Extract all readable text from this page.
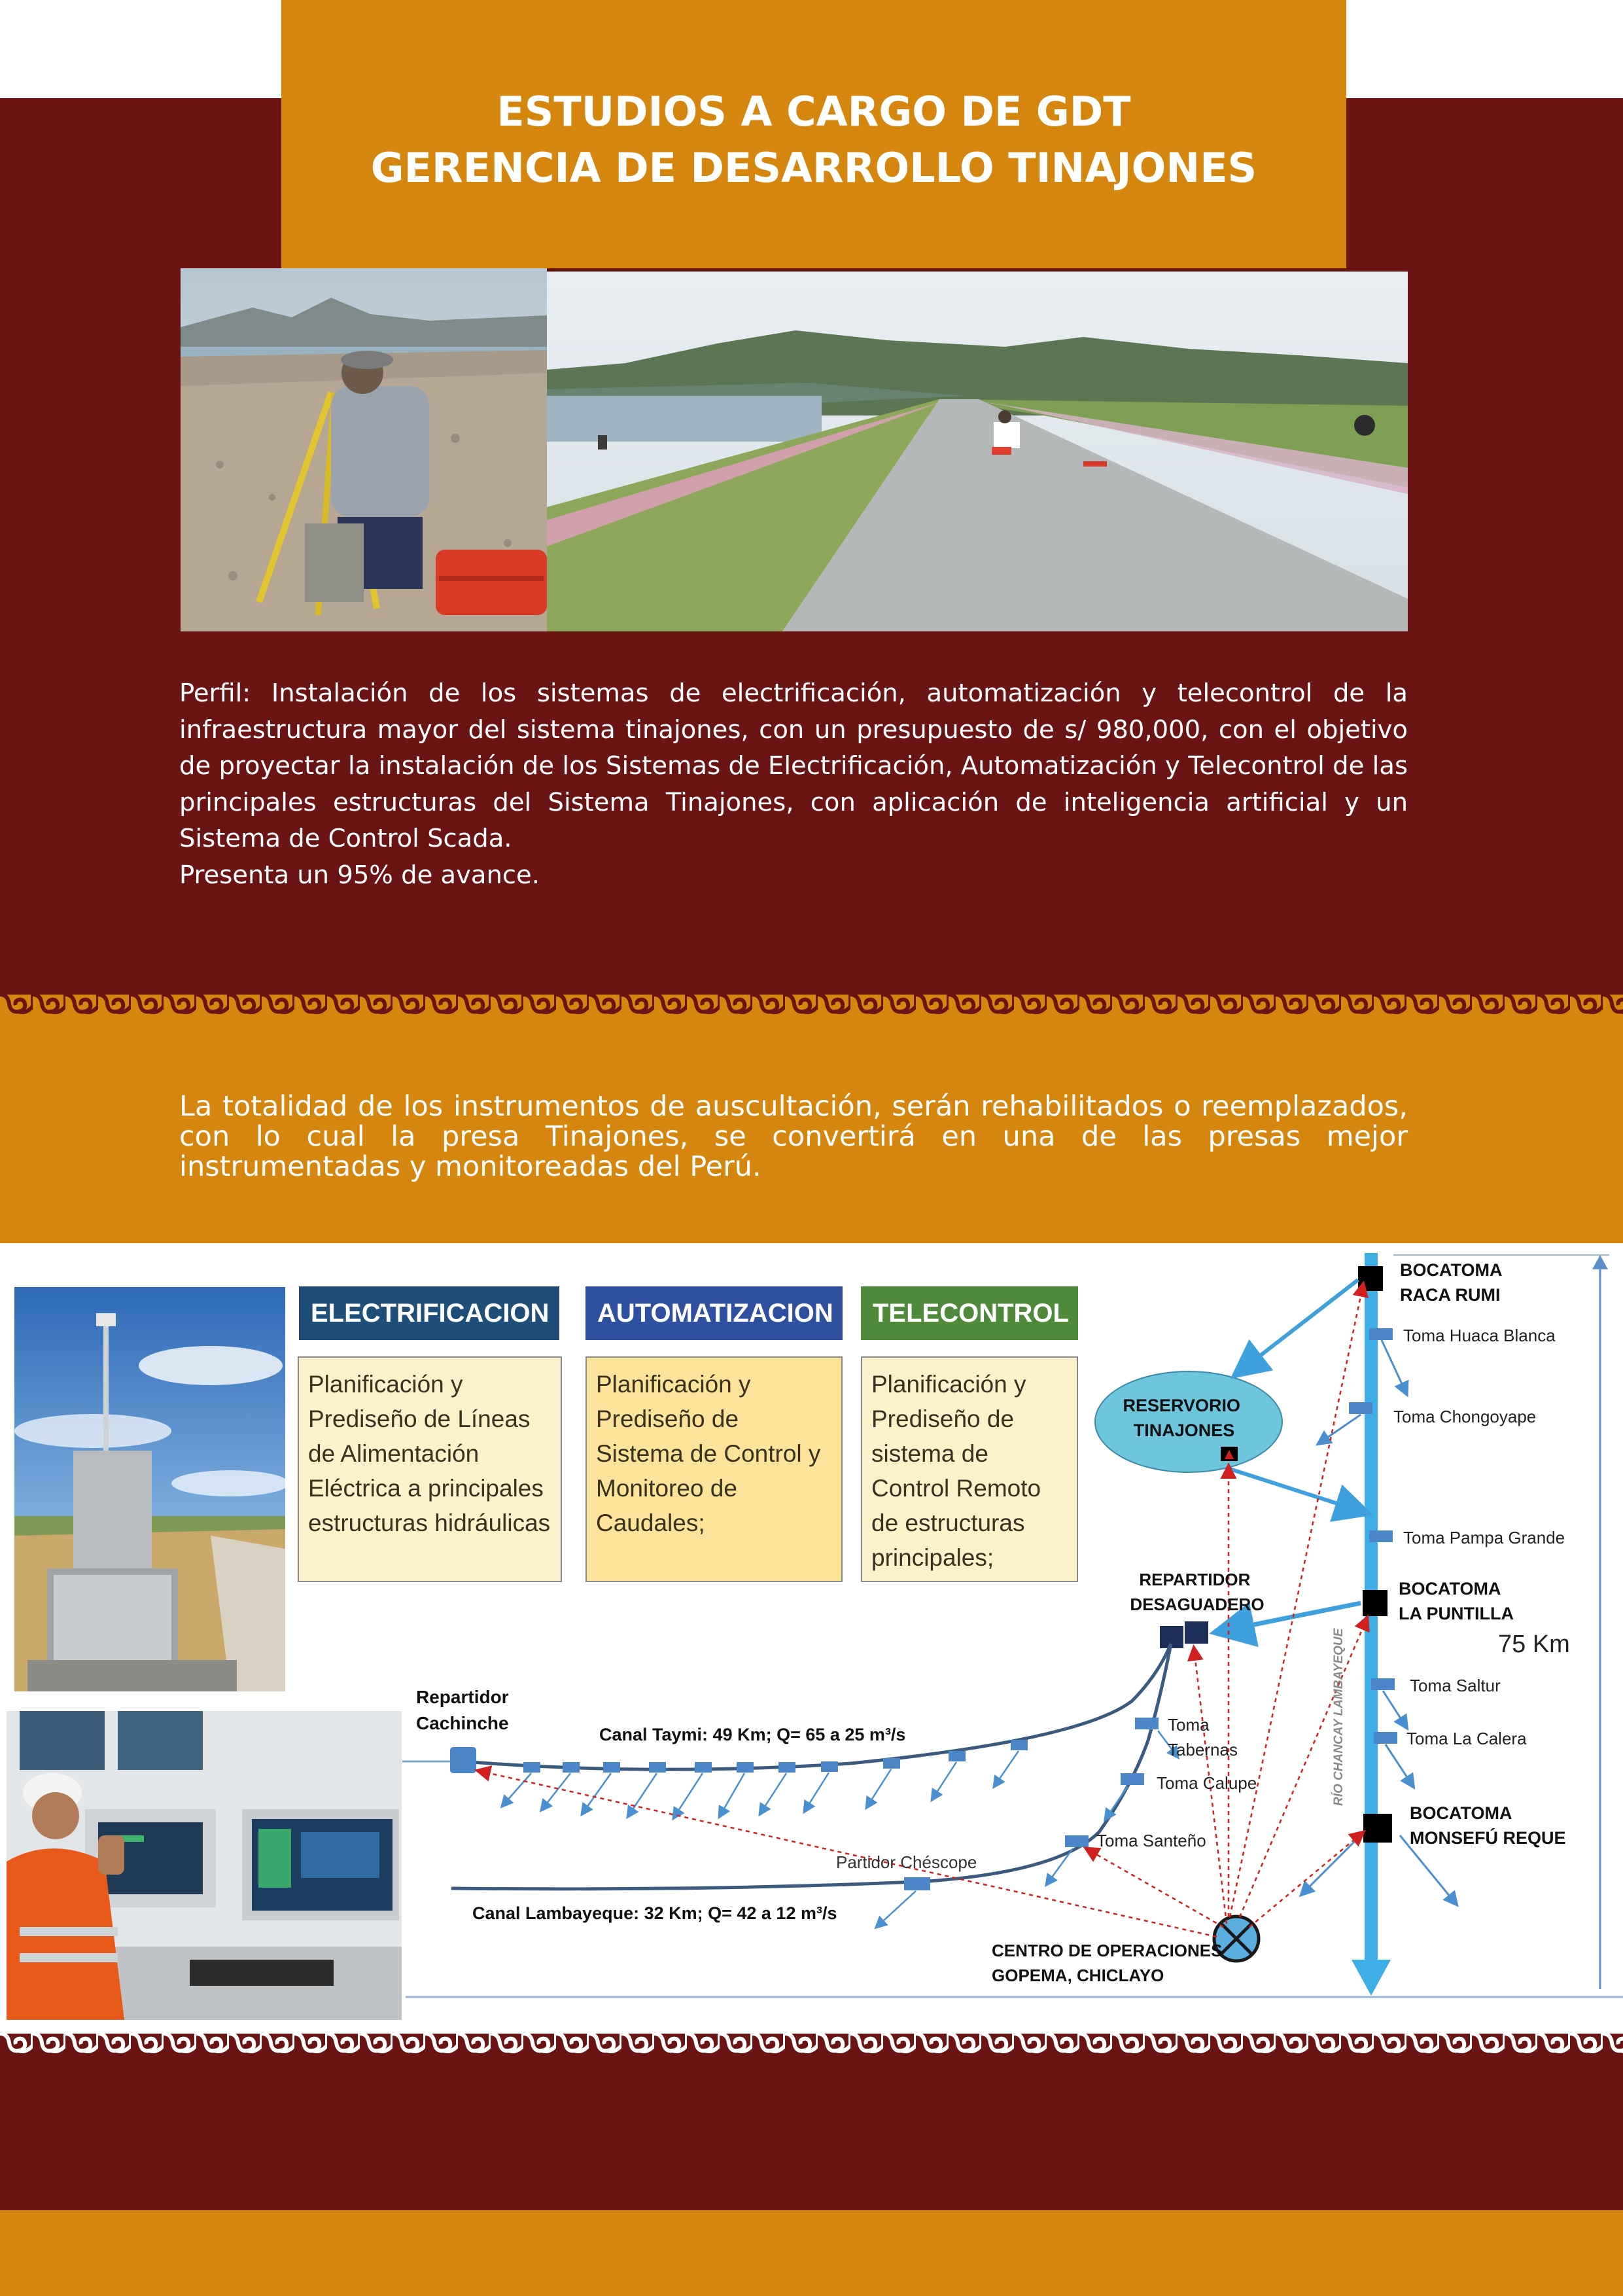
ESTUDIOS A CARGO DE GDT
GERENCIA DE DESARROLLO TINAJONES

Perfil: Instalación de los sistemas de electrificación, automatización y telecontrol de la infraestructura mayor del sistema tinajones, con un presupuesto de s/ 980,000, con el objetivo de proyectar la instalación de los Sistemas de Electrificación, Automatización y Telecontrol de las principales estructuras del Sistema Tinajones, con aplicación de inteligencia artificial y un Sistema de Control Scada.

Presenta un 95% de avance.

La totalidad de los instrumentos de auscultación, serán rehabilitados o reemplazados, con lo cual la presa Tinajones, se convertirá en una de las presas mejor instrumentadas y monitoreadas del Perú.
ELECTRIFICACION	AUTOMATIZACION	TELECONTROL
Planificación y Prediseño de Líneas de Alimentación Eléctrica a principales estructuras hidráulicas
Planificación y Prediseño de Sistema de Control y Monitoreo de Caudales;
Planificación y Prediseño de sistema de Control Remoto de estructuras principales;
BOCATOMA RACA RUMI
Toma Huaca Blanca
RESERVORIO TINAJONES
Toma Chongoyape
Toma Pampa Grande
REPARTIDOR DESAGUADERO
BOCATOMA LA PUNTILLA
75 Km
RÍO CHANCAY LAMBAYEQUE
Repartidor Cachinche
Canal Taymi: 49 Km; Q= 65 a 25 m³/s
Toma Saltur
Toma Tabernas
Toma La Calera
Toma Calupe
BOCATOMA MONSEFÚ REQUE
Toma Santeño
Partidor Chéscope
Canal Lambayeque: 32 Km; Q= 42 a 12 m³/s
CENTRO DE OPERACIONES GOPEMA, CHICLAYO
